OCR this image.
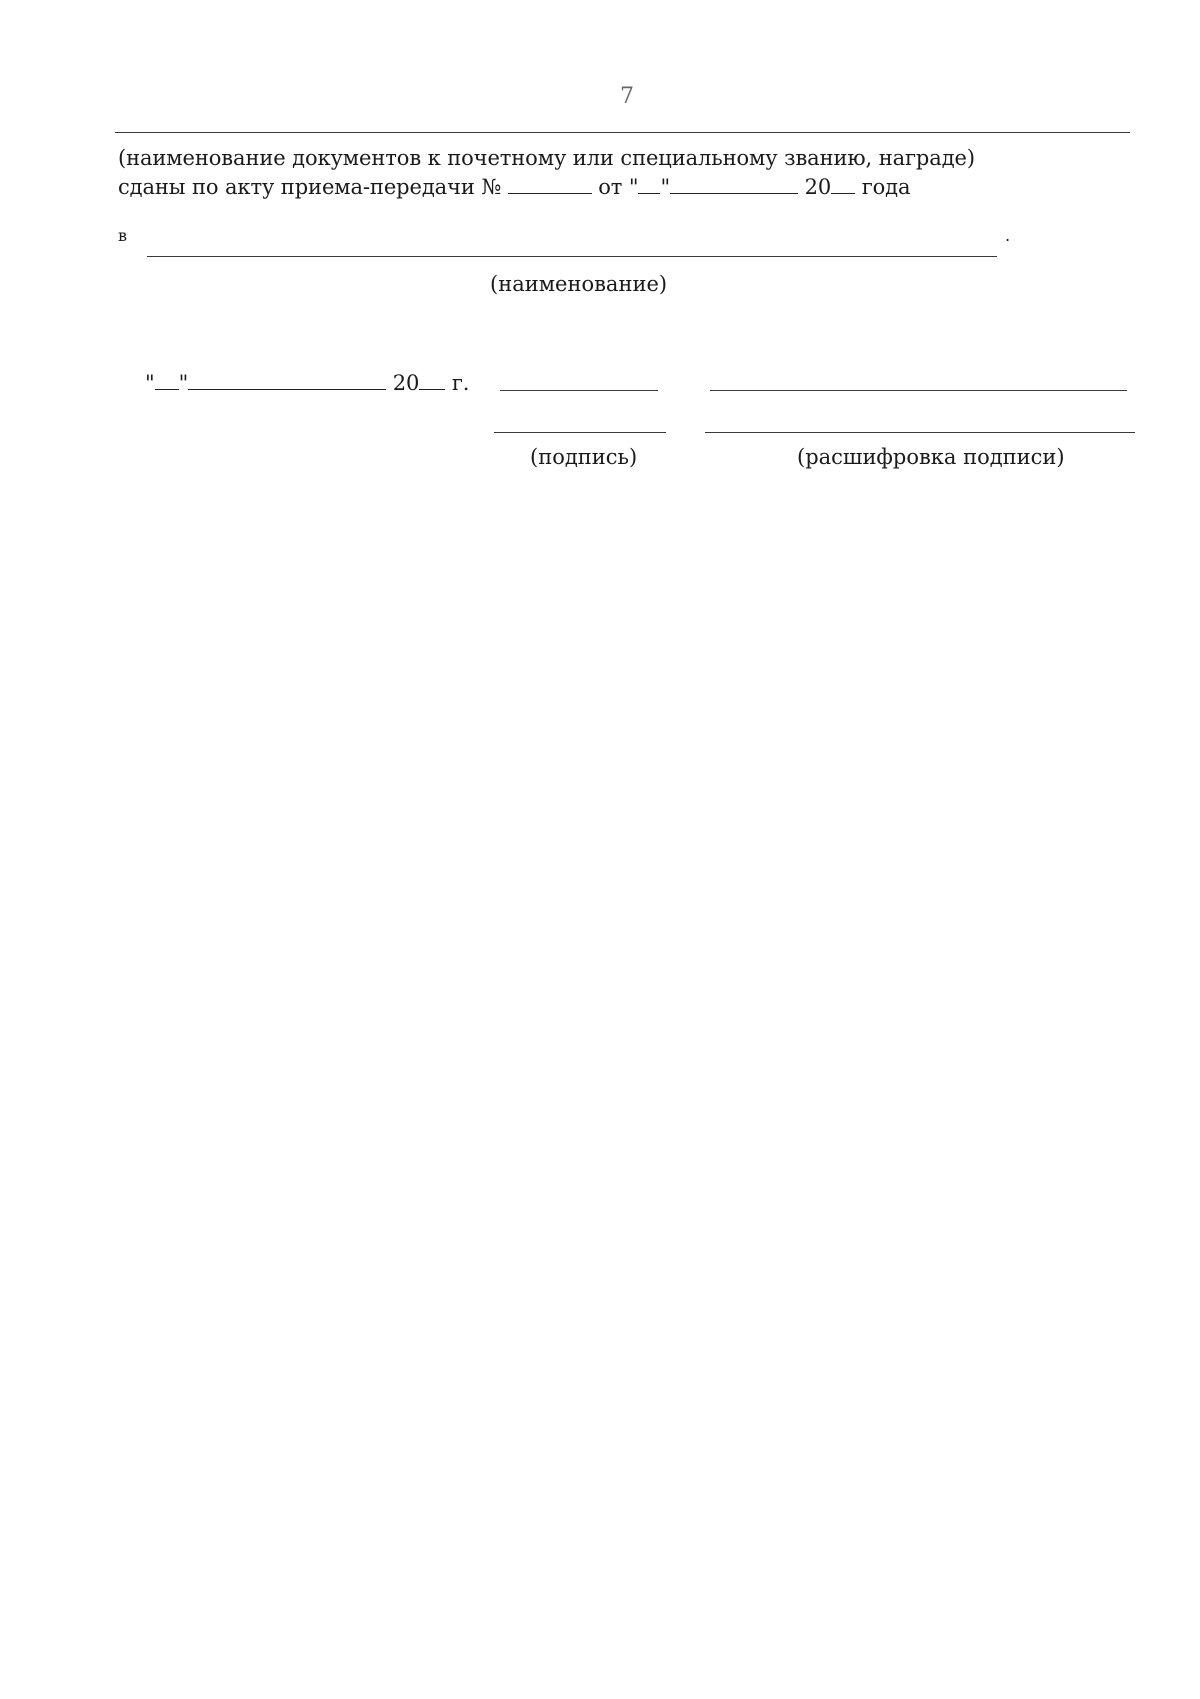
7
(наименование документов к почетному или специальному званию, награде)
сданы по акту приема-передачи №	от " "	20 года
в	.
(наименование)
" "	20 г.
(подпись)	(расшифровка подписи)
